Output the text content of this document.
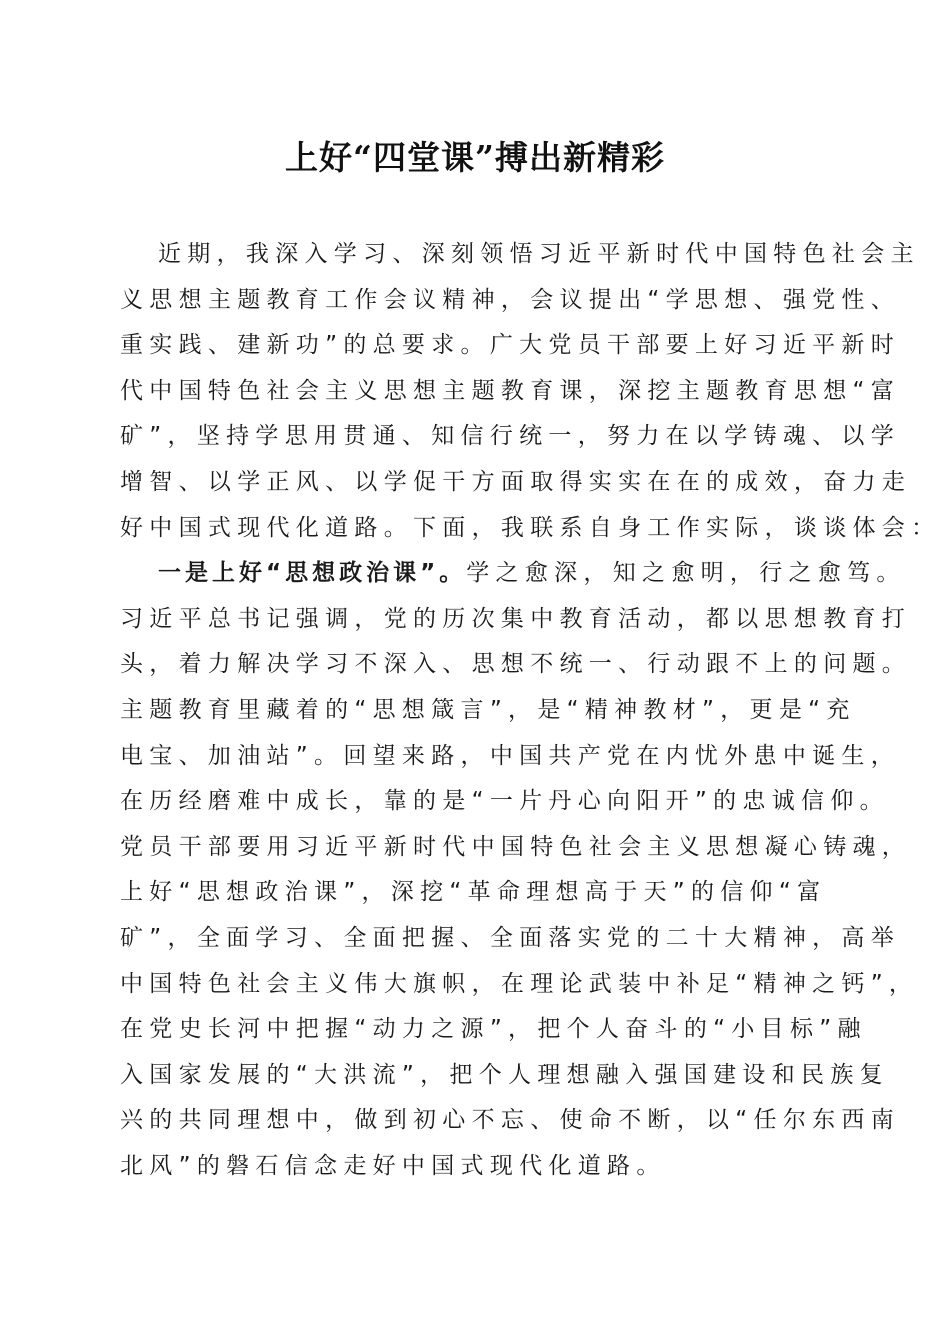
上好“四堂课”搏出新精彩
近期，我深入学习、深刻领悟习近平新时代中国特色社会主
义思想主题教育工作会议精神，会议提出“学思想、强党性、
重实践、建新功”的总要求。广大党员干部要上好习近平新时
代中国特色社会主义思想主题教育课，深挖主题教育思想“富
矿”，坚持学思用贯通、知信行统一，努力在以学铸魂、以学
增智、以学正风、以学促干方面取得实实在在的成效，奋力走
好中国式现代化道路。下面，我联系自身工作实际，谈谈体会：
一是上好“思想政治课”。学之愈深，知之愈明，行之愈笃。
习近平总书记强调，党的历次集中教育活动，都以思想教育打
头，着力解决学习不深入、思想不统一、行动跟不上的问题。
主题教育里藏着的“思想箴言”，是“精神教材”，更是“充
电宝、加油站”。回望来路，中国共产党在内忧外患中诞生，
在历经磨难中成长，靠的是“一片丹心向阳开”的忠诚信仰。
党员干部要用习近平新时代中国特色社会主义思想凝心铸魂，
上好“思想政治课”，深挖“革命理想高于天”的信仰“富
矿”，全面学习、全面把握、全面落实党的二十大精神，高举
中国特色社会主义伟大旗帜，在理论武装中补足“精神之钙”，
在党史长河中把握“动力之源”，把个人奋斗的“小目标”融
入国家发展的“大洪流”，把个人理想融入强国建设和民族复
兴的共同理想中，做到初心不忘、使命不断，以“任尔东西南
北风”的磐石信念走好中国式现代化道路。
